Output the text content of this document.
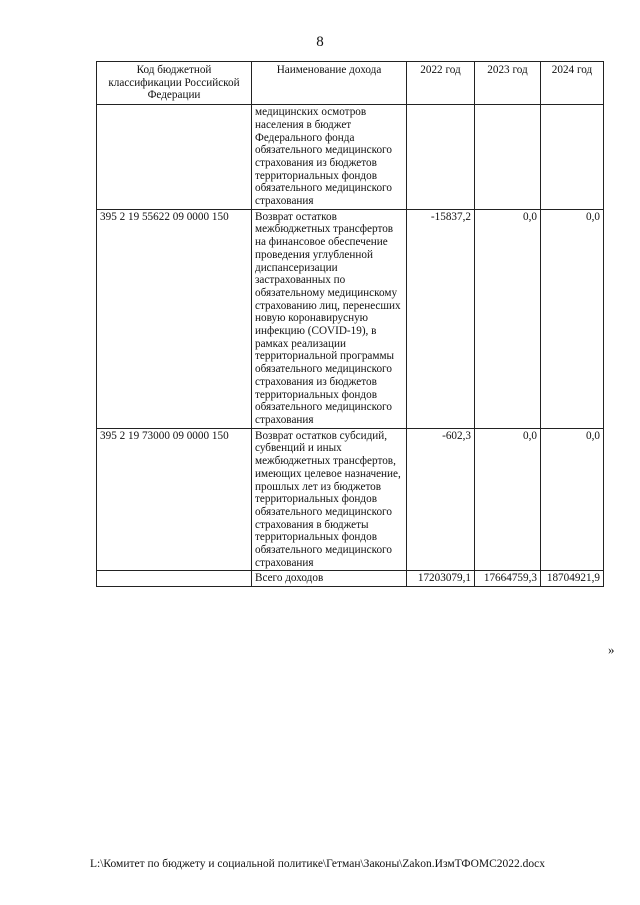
8
Код бюджетной классификации Российской Федерации	Наименование дохода	2022 год	2023 год	2024 год
	медицинских осмотров населения в бюджет Федерального фонда обязательного медицинского страхования из бюджетов территориальных фондов обязательного медицинского страхования			
395 2 19 55622 09 0000 150	Возврат остатков межбюджетных трансфертов на финансовое обеспечение проведения углубленной диспансеризации застрахованных по обязательному медицинскому страхованию лиц, перенесших новую коронавирусную инфекцию (COVID-19), в рамках реализации территориальной программы обязательного медицинского страхования из бюджетов территориальных фондов обязательного медицинского страхования	-15837,2	0,0	0,0
395 2 19 73000 09 0000 150	Возврат остатков субсидий, субвенций и иных межбюджетных трансфертов, имеющих целевое назначение, прошлых лет из бюджетов территориальных фондов обязательного медицинского страхования в бюджеты территориальных фондов обязательного медицинского страхования	-602,3	0,0	0,0
	Всего доходов	17203079,1	17664759,3	18704921,9
»
L:\Комитет по бюджету и социальной политике\Гетман\Законы\Zakon.ИзмТФОМС2022.docx
